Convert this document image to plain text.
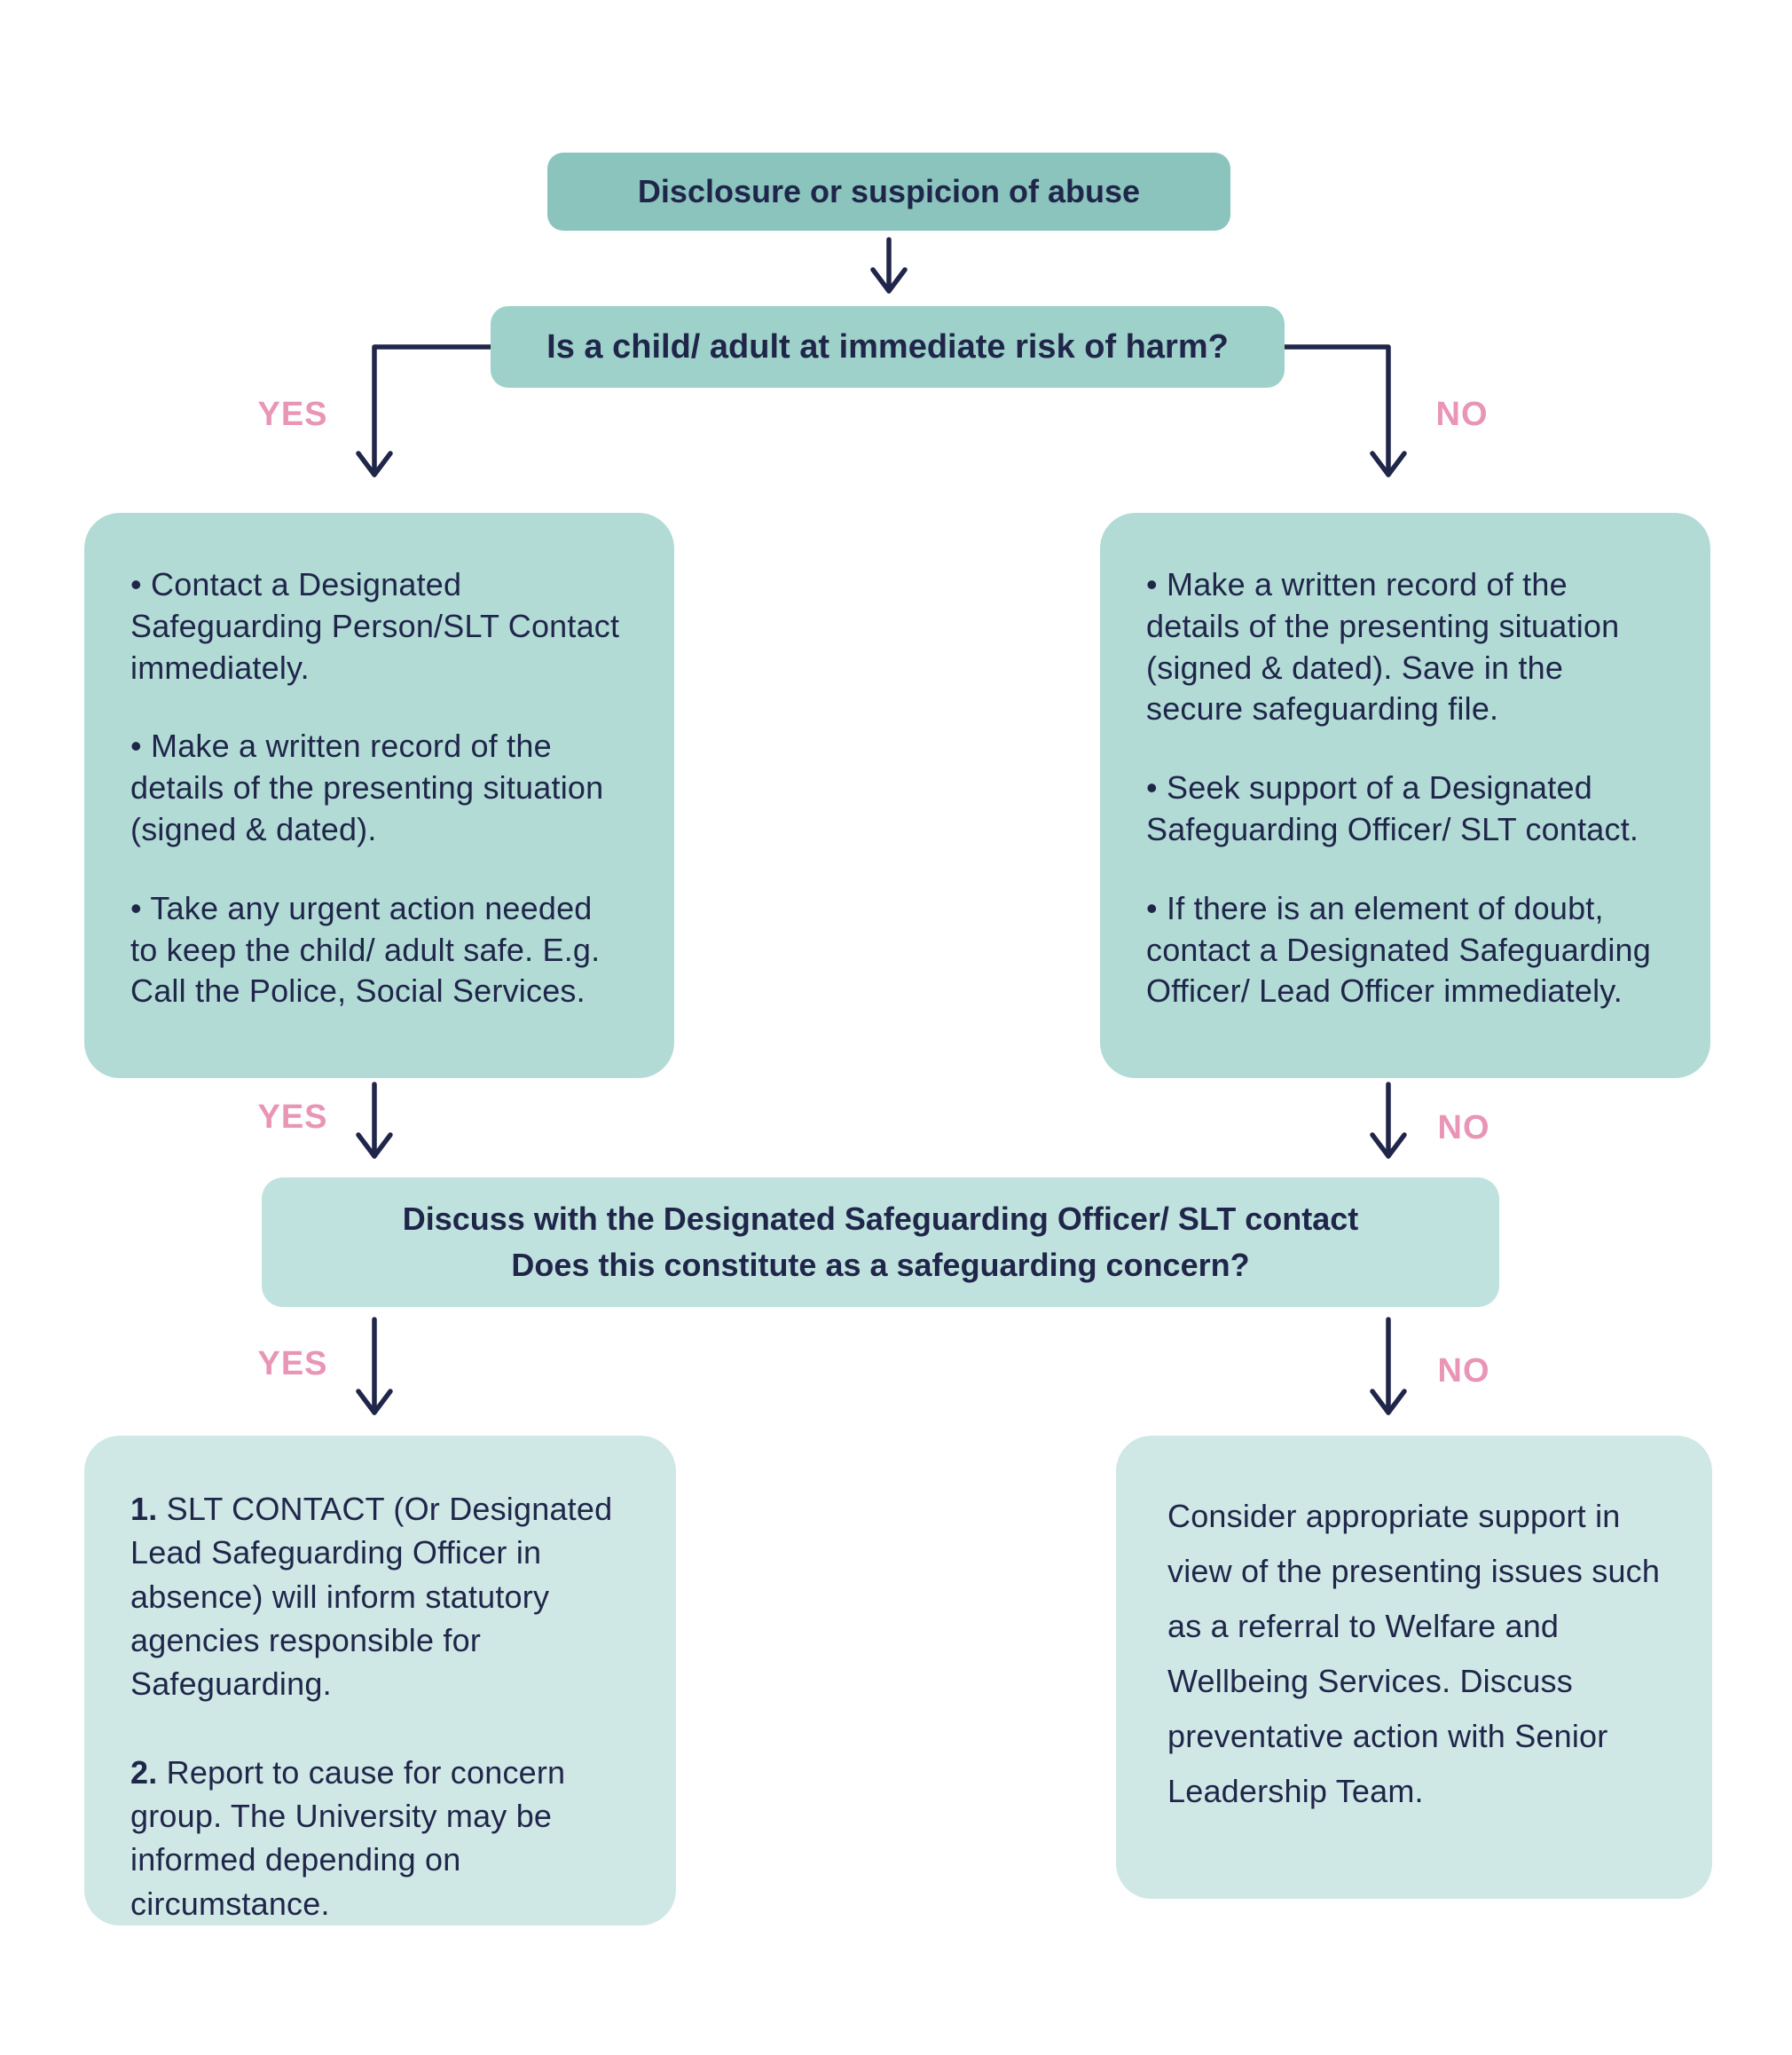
Disclosure or suspicion of abuse
Is a child/ adult at immediate risk of harm?
YES	NO

• Contact a Designated Safeguarding Person/SLT Contact immediately.

• Make a written record of the details of the presenting situation (signed & dated).

• Take any urgent action needed to keep the child/ adult safe. E.g. Call the Police, Social Services.

• Make a written record of the details of the presenting situation (signed & dated). Save in the secure safeguarding file.

• Seek support of a Designated Safeguarding Officer/ SLT contact.

• If there is an element of doubt, contact a Designated Safeguarding Officer/ Lead Officer immediately.

YES	NO
Discuss with the Designated Safeguarding Officer/ SLT contact
Does this constitute as a safeguarding concern?
YES	NO

1. SLT CONTACT (Or Designated Lead Safeguarding Officer in absence) will inform statutory agencies responsible for Safeguarding.

2. Report to cause for concern group. The University may be informed depending on circumstance.

Consider appropriate support in view of the presenting issues such as a referral to Welfare and Wellbeing Services. Discuss preventative action with Senior Leadership Team.
